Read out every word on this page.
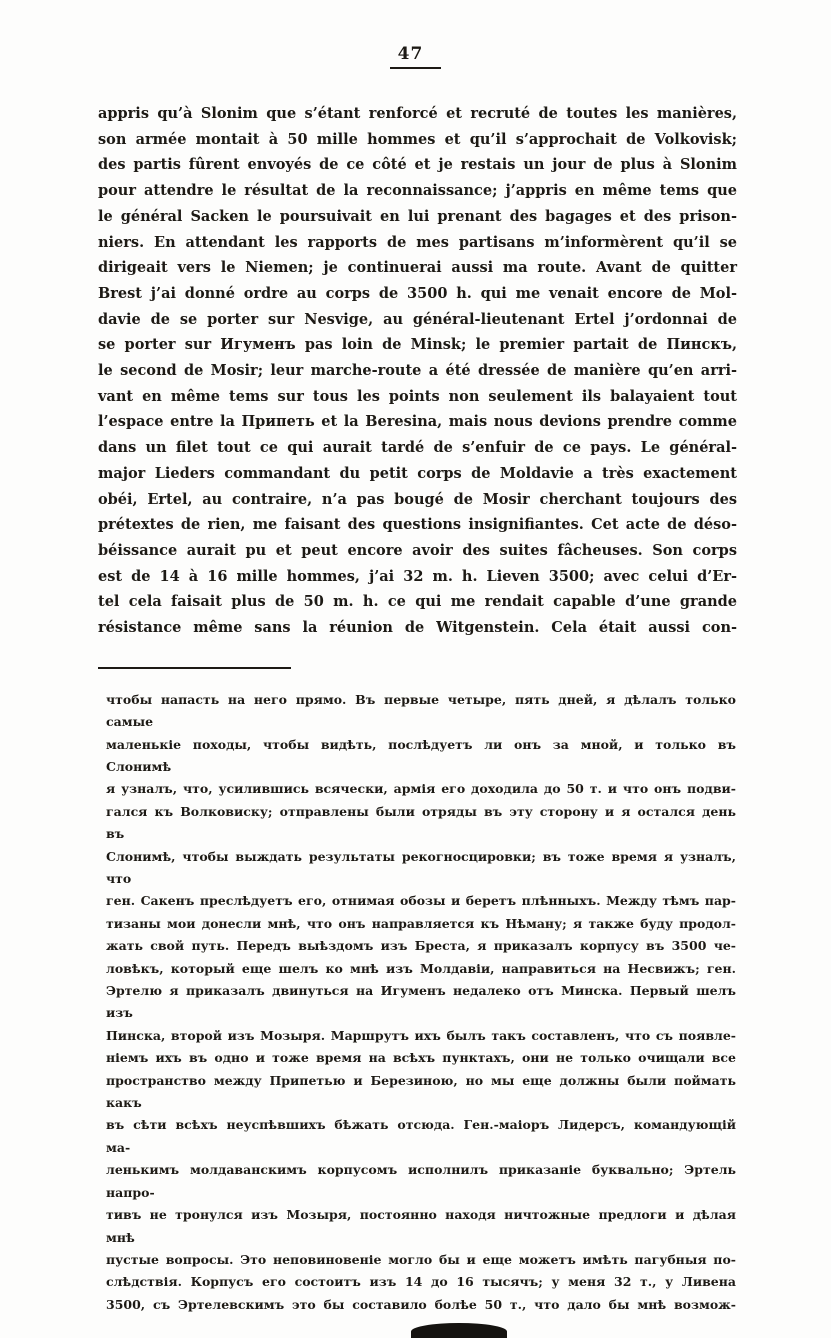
47
appris qu’à Slonim que s’étant renforcé et recruté de toutes les manières,
son armée montait à 50 mille hommes et qu’il s’approchait de Volkovisk;
des partis fûrent envoyés de ce côté et je restais un jour de plus à Slonim
pour attendre le résultat de la reconnaissance; j’appris en même tems que
le général Sacken le poursuivait en lui prenant des bagages et des prison-
niers. En attendant les rapports de mes partisans m’informèrent qu’il se
dirigeait vers le Niemen; je continuerai aussi ma route. Avant de quitter
Brest j’ai donné ordre au corps de 3500 h. qui me venait encore de Mol-
davie de se porter sur Nesvige, au général-lieutenant Ertel j’ordonnai de
se porter sur Игуменъ pas loin de Minsk; le premier partait de Пинскъ,
le second de Mosir; leur marche-route a été dressée de manière qu’en arri-
vant en même tems sur tous les points non seulement ils balayaient tout
l’espace entre la Припеть et la Beresina, mais nous devions prendre comme
dans un filet tout ce qui aurait tardé de s’enfuir de ce pays. Le général-
major Lieders commandant du petit corps de Moldavie a très exactement
obéi, Ertel, au contraire, n’a pas bougé de Mosir cherchant toujours des
prétextes de rien, me faisant des questions insignifiantes. Cet acte de déso-
béissance aurait pu et peut encore avoir des suites fâcheuses. Son corps
est de 14 à 16 mille hommes, j’ai 32 m. h. Lieven 3500; avec celui d’Er-
tel cela faisait plus de 50 m. h. ce qui me rendait capable d’une grande
résistance même sans la réunion de Witgenstein. Cela était aussi con-
чтобы напасть на него прямо. Въ первые четыре, пять дней, я дѣлалъ только самые
маленькіе походы, чтобы видѣть, послѣдуетъ ли онъ за мной, и только въ Слонимѣ
я узналъ, что, усилившись всячески, армія его доходила до 50 т. и что онъ подви-
гался къ Волковиску; отправлены были отряды въ эту сторону и я остался день въ
Слонимѣ, чтобы выждать результаты рекогносцировки; въ тоже время я узналъ, что
ген. Сакенъ преслѣдуетъ его, отнимая обозы и беретъ плѣнныхъ. Между тѣмъ пар-
тизаны мои донесли мнѣ, что онъ направляется къ Нѣману; я также буду продол-
жать свой путь. Передъ выѣздомъ изъ Бреста, я приказалъ корпусу въ 3500 че-
ловѣкъ, который еще шелъ ко мнѣ изъ Молдавіи, направиться на Несвижъ; ген.
Эртелю я приказалъ двинуться на Игуменъ недалеко отъ Минска. Первый шелъ изъ
Пинска, второй изъ Мозыря. Маршрутъ ихъ былъ такъ составленъ, что съ появле-
ніемъ ихъ въ одно и тоже время на всѣхъ пунктахъ, они не только очищали все
пространство между Припетью и Березиною, но мы еще должны были поймать какъ
въ сѣти всѣхъ неуспѣвшихъ бѣжать отсюда. Ген.-маіоръ Лидерсъ, командующій ма-
ленькимъ молдаванскимъ корпусомъ исполнилъ приказаніе буквально; Эртель напро-
тивъ не тронулся изъ Мозыря, постоянно находя ничтожные предлоги и дѣлая мнѣ
пустые вопросы. Это неповиновеніе могло бы и еще можетъ имѣть пагубныя по-
слѣдствія. Корпусъ его состоитъ изъ 14 до 16 тысячъ; у меня 32 т., у Ливена
3500, съ Эртелевскимъ это бы составило болѣе 50 т., что дало бы мнѣ возмож-
